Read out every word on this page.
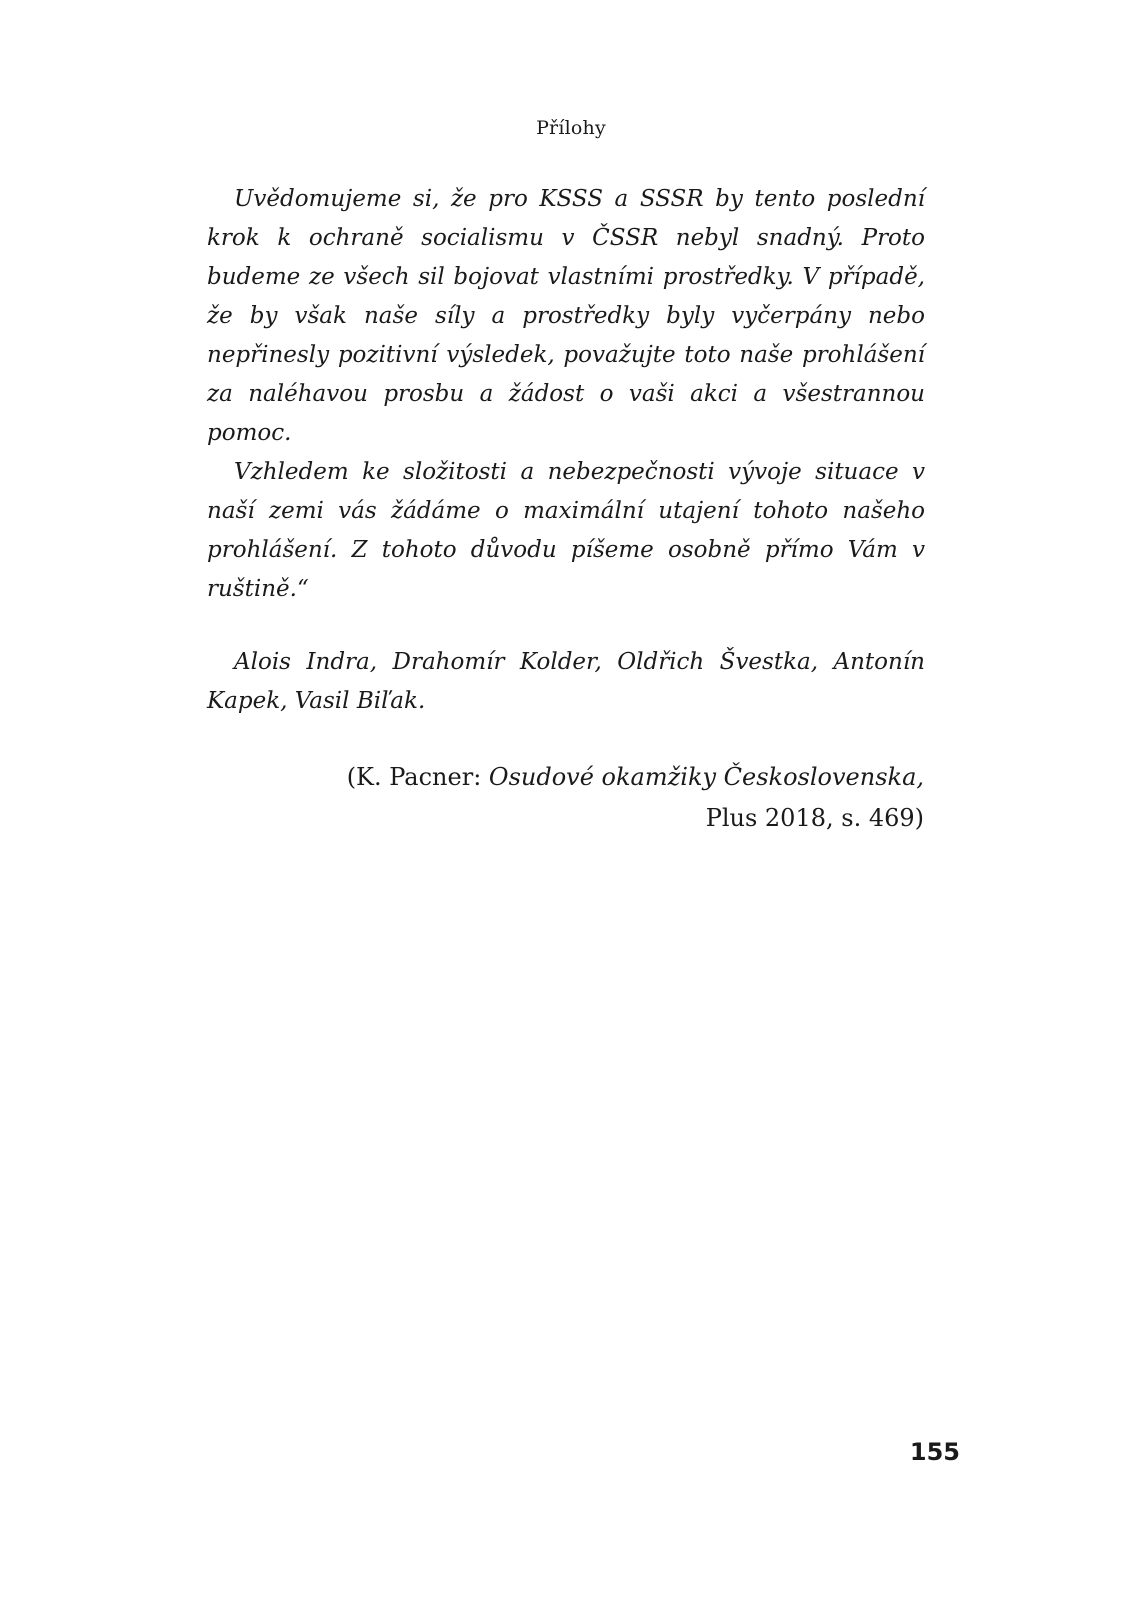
Přílohy

Uvědomujeme si, že pro KSSS a SSSR by tento poslední krok k ochraně socialismu v ČSSR nebyl snadný. Proto budeme ze všech sil bojovat vlastními prostředky. V případě, že by však naše síly a prostředky byly vyčerpány nebo nepřinesly pozitivní výsledek, považujte toto naše prohlášení za naléhavou prosbu a žádost o vaši akci a všestrannou pomoc.

Vzhledem ke složitosti a nebezpečnosti vývoje situace v naší zemi vás žádáme o maximální utajení tohoto našeho prohlášení. Z tohoto důvodu píšeme osobně přímo Vám v ruštině.“

Alois Indra, Drahomír Kolder, Oldřich Švestka, Antonín Kapek, Vasil Biľak.

(K. Pacner: Osudové okamžiky Československa,
Plus 2018, s. 469)
155
